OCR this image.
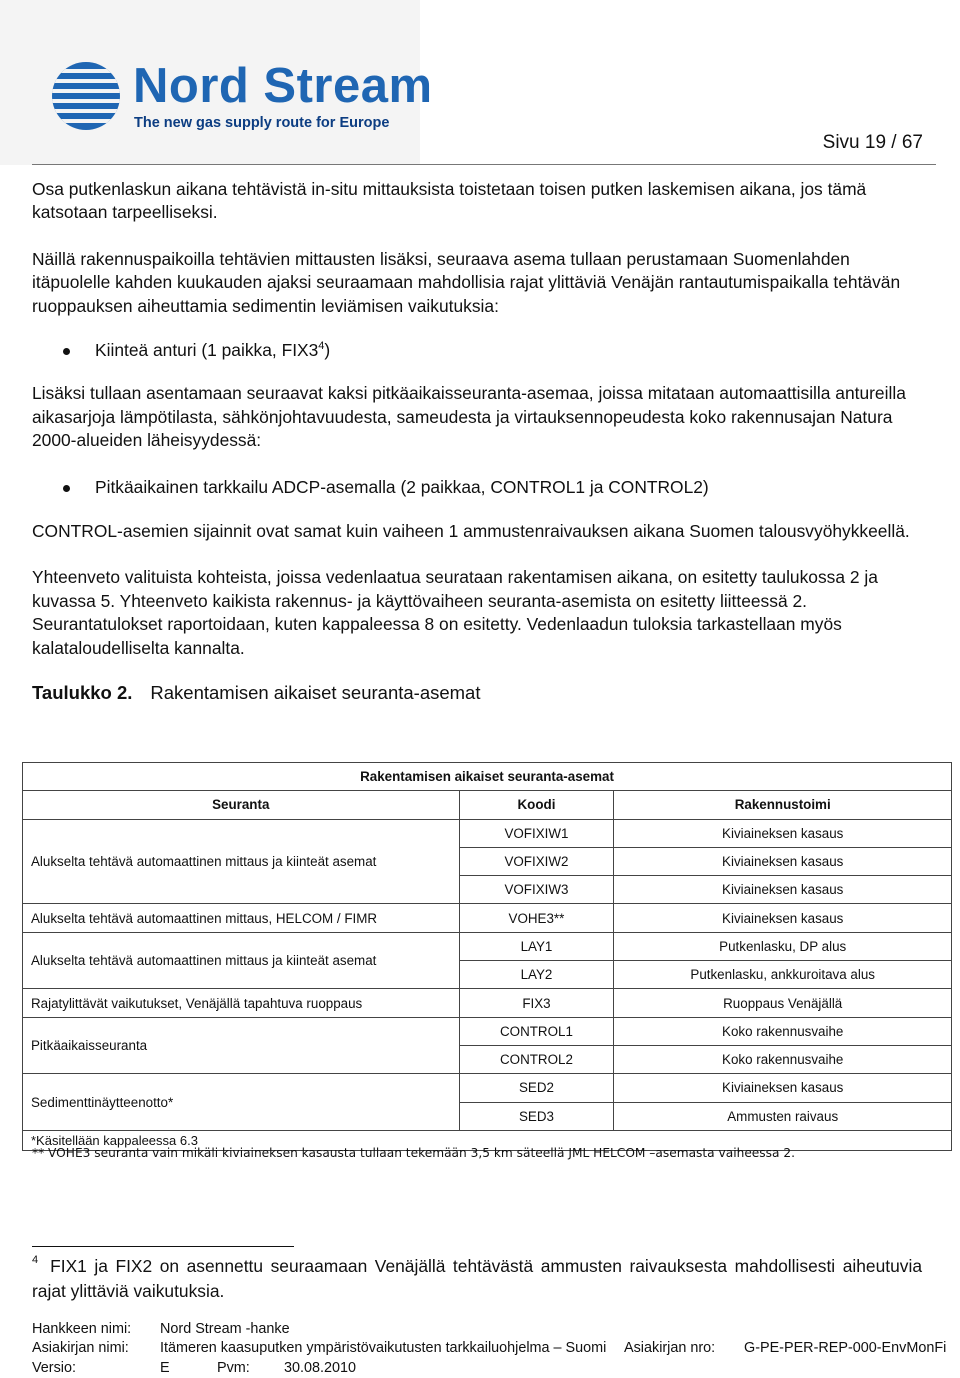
Nord Stream
The new gas supply route for Europe
Sivu 19 / 67

Osa putkenlaskun aikana tehtävistä in-situ mittauksista toistetaan toisen putken laskemisen aikana, jos tämä katsotaan tarpeelliseksi.

Näillä rakennuspaikoilla tehtävien mittausten lisäksi, seuraava asema tullaan perustamaan Suomenlahden itäpuolelle kahden kuukauden ajaksi seuraamaan mahdollisia rajat ylittäviä Venäjän rantautumispaikalla tehtävän ruoppauksen aiheuttamia sedimentin leviämisen vaikutuksia:

Kiinteä anturi (1 paikka, $FIX3^4$)

Lisäksi tullaan asentamaan seuraavat kaksi pitkäaikaisseuranta-asemaa, joissa mitataan automaattisilla antureilla aikasarjoja lämpötilasta, sähkönjohtavuudesta, sameudesta ja virtauksennopeudesta koko rakennusajan Natura 2000-alueiden läheisyydessä:

Pitkäaikainen tarkkailu ADCP-asemalla (2 paikkaa, CONTROL1 ja CONTROL2)

CONTROL-asemien sijainnit ovat samat kuin vaiheen 1 ammustenraivauksen aikana Suomen talousvyöhykkeellä.

Yhteenveto valituista kohteista, joissa vedenlaatua seurataan rakentamisen aikana, on esitetty taulukossa 2 ja kuvassa 5. Yhteenveto kaikista rakennus- ja käyttövaiheen seuranta-asemista on esitetty liitteessä 2. Seurantatulokset raportoidaan, kuten kappaleessa 8 on esitetty. Vedenlaadun tuloksia tarkastellaan myös kalataloudelliselta kannalta.

Taulukko 2. Rakentamisen aikaiset seuranta-asemat

Rakentamisen aikaiset seuranta-asemat		
Seuranta	Koodi	Rakennustoimi
Alukselta tehtävä automaattinen mittaus ja kiinteät asemat	VOFIXIW1	Kiviaineksen kasaus
	VOFIXIW2	Kiviaineksen kasaus
	VOFIXIW3	Kiviaineksen kasaus
Alukselta tehtävä automaattinen mittaus, HELCOM / FIMR	VOHE3**	Kiviaineksen kasaus
Alukselta tehtävä automaattinen mittaus ja kiinteät asemat	LAY1	Putkenlasku, DP alus
	LAY2	Putkenlasku, ankkuroitava alus
Rajatylittävät vaikutukset, Venäjällä tapahtuva ruoppaus	FIX3	Ruoppaus Venäjällä
Pitkäaikaisseuranta	CONTROL1	Koko rakennusvaihe
	CONTROL2	Koko rakennusvaihe
Sedimenttinäytteenotto*	SED2	Kiviaineksen kasaus
	SED3	Ammusten raivaus
*Käsitellään kappaleessa 6.3		
** VOHE3 seuranta vain mikäli kiviaineksen kasausta tullaan tekemään 3,5 km säteellä JML HELCOM –asemasta vaiheessa 2.
$^4$ FIX1 ja FIX2 on asennettu seuraamaan Venäjällä tehtävästä ammusten raivauksesta mahdollisesti aiheutuvia rajat ylittäviä vaikutuksia.
Hankkeen nimi: Nord Stream -hanke
Asiakirjan nimi: Itämeren kaasuputken ympäristövaikutusten tarkkailuohjelma – Suomi Asiakirjan nro: G-PE-PER-REP-000-EnvMonFi
Versio:	E	Pvm: 30.08.2010
